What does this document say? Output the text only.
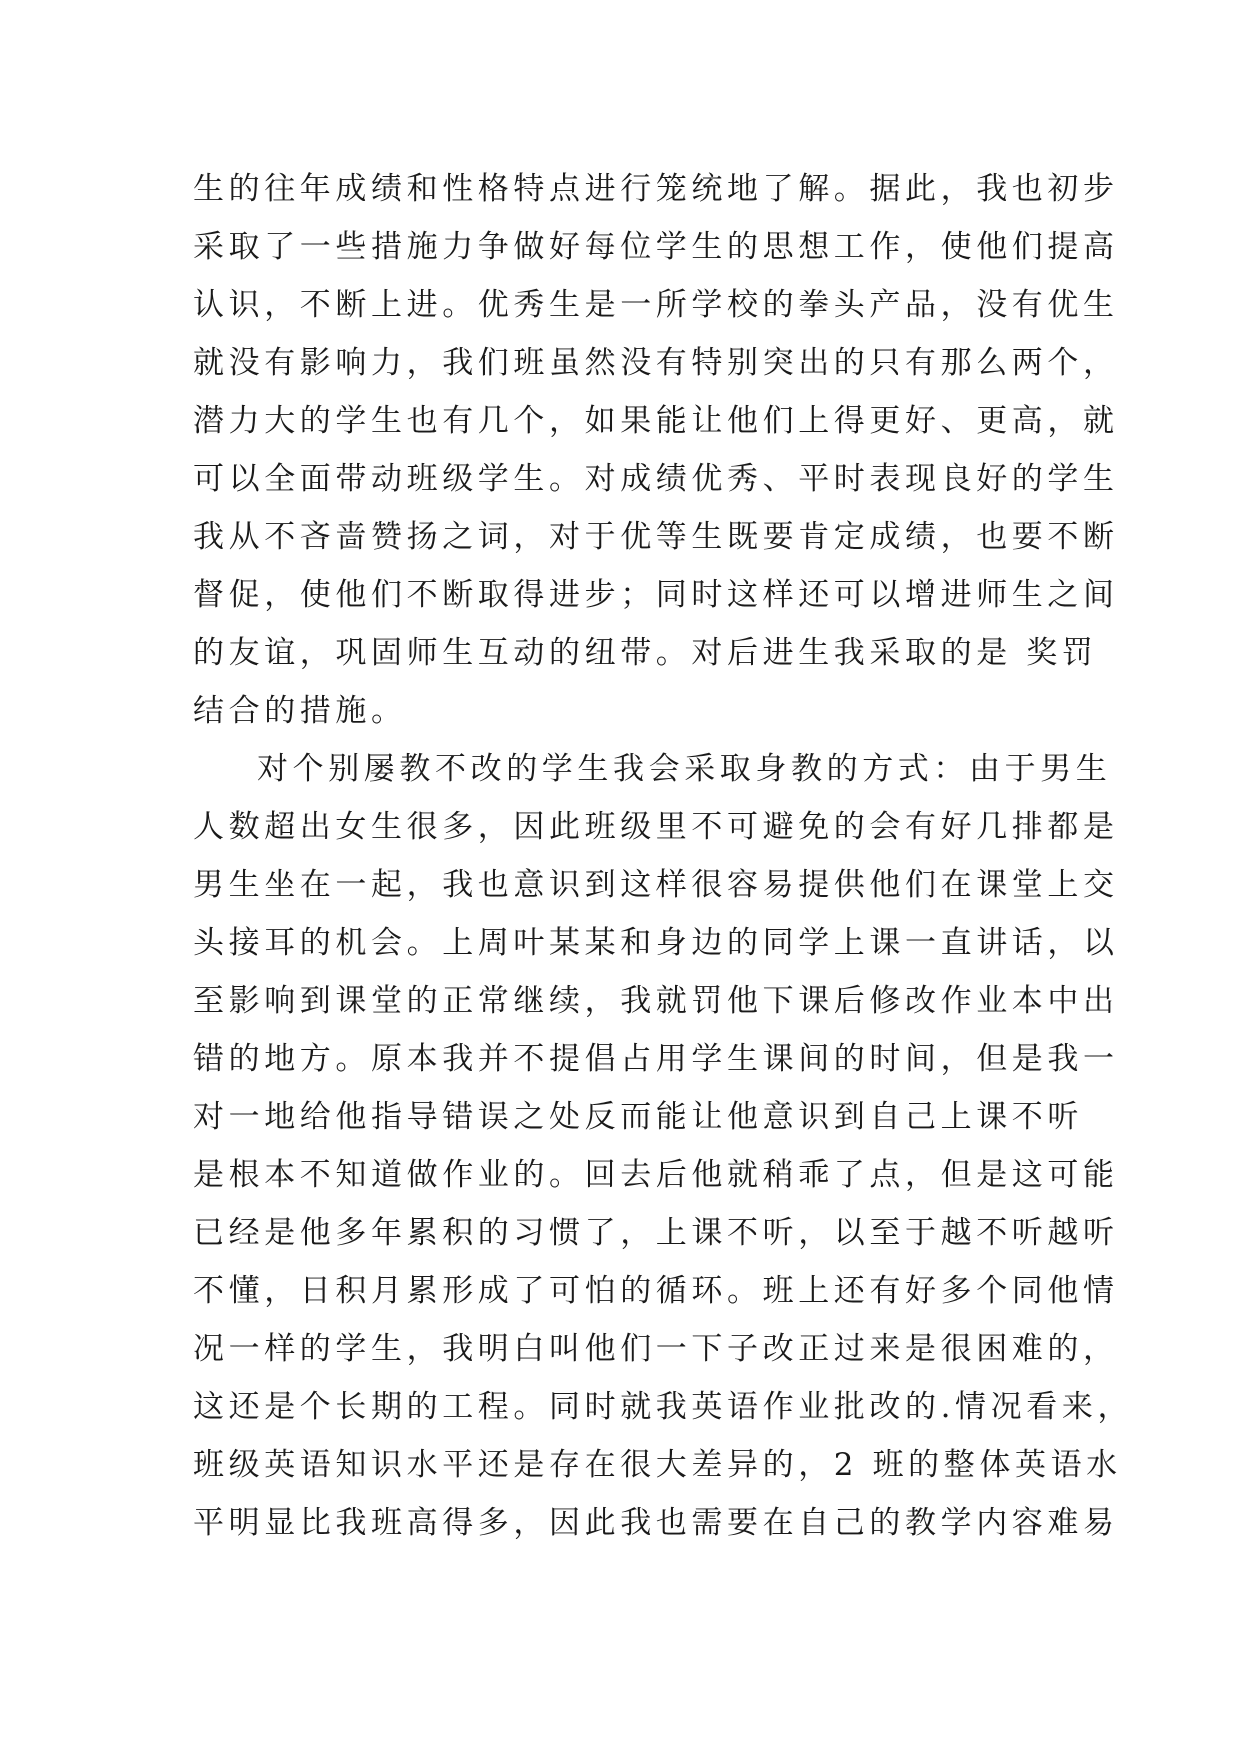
生的往年成绩和性格特点进行笼统地了解。据此，我也初步
采取了一些措施力争做好每位学生的思想工作，使他们提高
认识，不断上进。优秀生是一所学校的拳头产品，没有优生
就没有影响力，我们班虽然没有特别突出的只有那么两个，
潜力大的学生也有几个，如果能让他们上得更好、更高，就
可以全面带动班级学生。对成绩优秀、平时表现良好的学生
我从不吝啬赞扬之词，对于优等生既要肯定成绩，也要不断
督促，使他们不断取得进步；同时这样还可以增进师生之间
的友谊，巩固师生互动的纽带。对后进生我采取的是 奖罚
结合的措施。
对个别屡教不改的学生我会采取身教的方式：由于男生
人数超出女生很多，因此班级里不可避免的会有好几排都是
男生坐在一起，我也意识到这样很容易提供他们在课堂上交
头接耳的机会。上周叶某某和身边的同学上课一直讲话，以
至影响到课堂的正常继续，我就罚他下课后修改作业本中出
错的地方。原本我并不提倡占用学生课间的时间，但是我一
对一地给他指导错误之处反而能让他意识到自己上课不听
是根本不知道做作业的。回去后他就稍乖了点，但是这可能
已经是他多年累积的习惯了，上课不听，以至于越不听越听
不懂，日积月累形成了可怕的循环。班上还有好多个同他情
况一样的学生，我明白叫他们一下子改正过来是很困难的，
这还是个长期的工程。同时就我英语作业批改的.情况看来，
班级英语知识水平还是存在很大差异的，2 班的整体英语水
平明显比我班高得多，因此我也需要在自己的教学内容难易
